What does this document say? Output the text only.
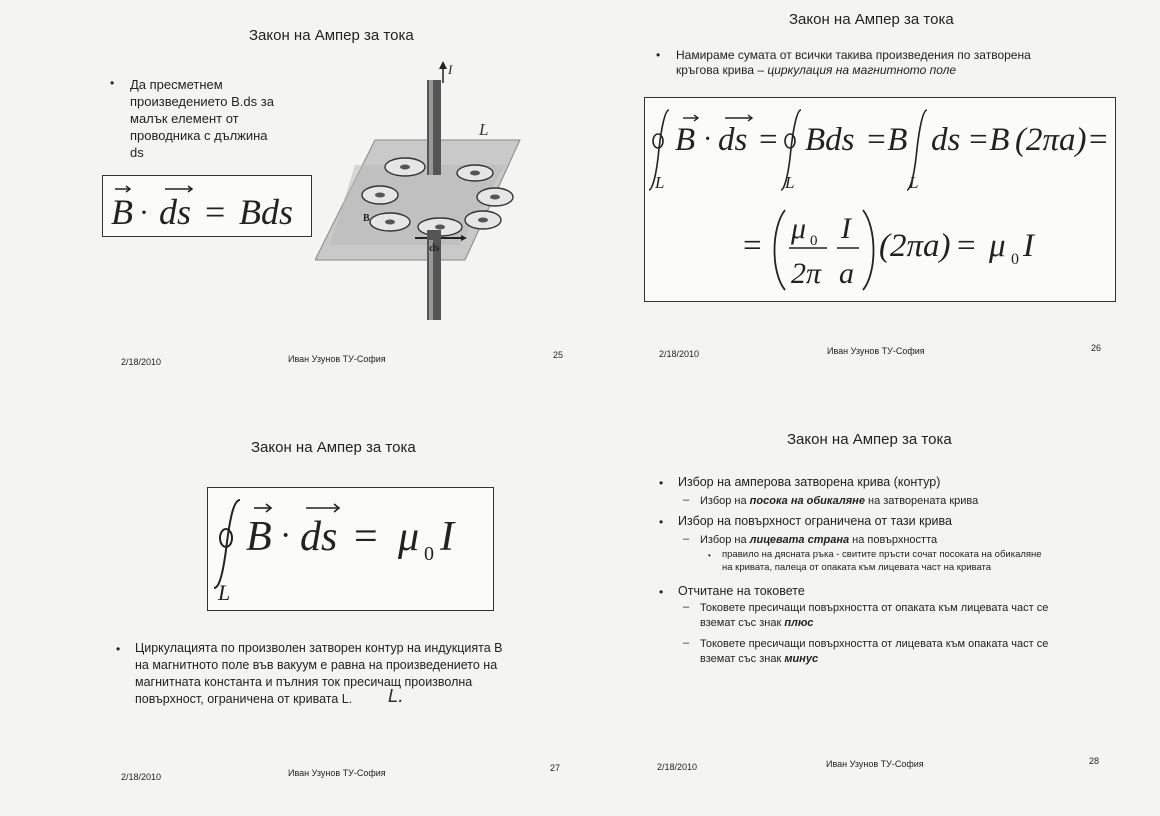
Закон на Ампер за тока
• Да пресметнем
произведението B.ds за
малък елемент от
проводника с дължина
ds
B · ds = Bds
I
L
B
ds
2/18/2010	Иван Узунов ТУ-София	25
Закон на Ампер за тока
• Намираме сумата от всички такива произведения по затворена
кръгова крива – циркулация на магнитното поле
B · ds = Bds =B ds =B (2πa) =
L	L	L
= μ 0
2π
I
a
(2πa) = μ 0 I
2/18/2010	Иван Узунов ТУ-София	26
Закон на Ампер за тока
B · ds = μ 0 I
L
• Циркулацията по произволен затворен контур на индукцията В
на магнитното поле във вакуум е равна на произведението на
магнитната константа и пълния ток пресичащ произволна
повърхност, ограничена от кривата L. L.
2/18/2010	Иван Узунов ТУ-София	27
Закон на Ампер за тока
• Избор на амперова затворена крива (контур)
– Избор на посока на обикаляне на затворената крива
• Избор на повърхност ограничена от тази крива
– Избор на лицевата страна на повърхността
• правило на дясната ръка - свитите пръсти сочат посоката на обикаляне
на кривата, палеца от опаката към лицевата част на кривата
• Отчитане на токовете
– Токовете пресичащи повърхността от опаката към лицевата част се
вземат със знак плюс
– Токовете пресичащи повърхността от лицевата към опаката част се
вземат със знак минус
2/18/2010	Иван Узунов ТУ-София	28
